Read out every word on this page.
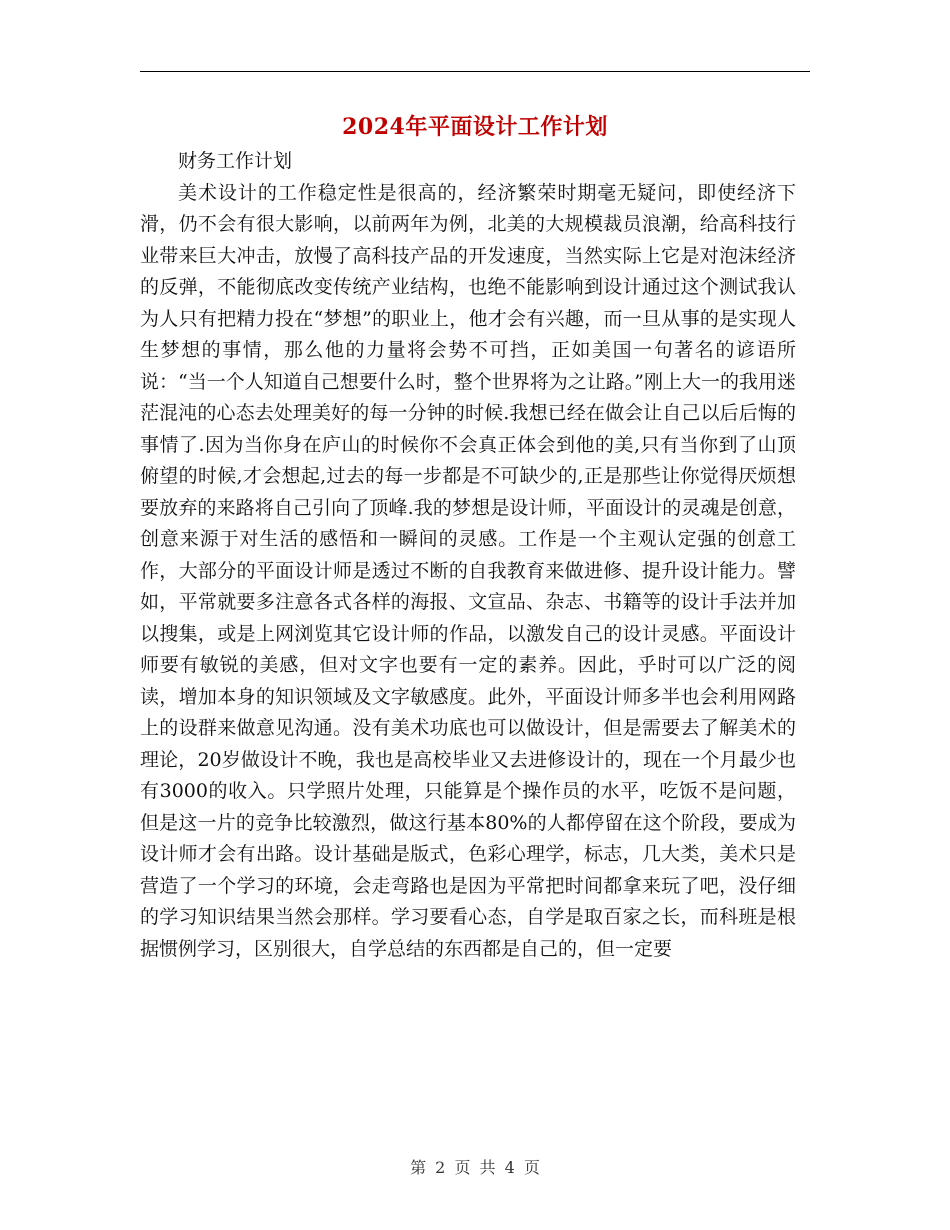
2024年平面设计工作计划

财务工作计划

美术设计的工作稳定性是很高的，经济繁荣时期毫无疑问，即使经济下滑，仍不会有很大影响，以前两年为例，北美的大规模裁员浪潮，给高科技行业带来巨大冲击，放慢了高科技产品的开发速度，当然实际上它是对泡沫经济的反弹，不能彻底改变传统产业结构，也绝不能影响到设计通过这个测试我认为人只有把精力投在“梦想”的职业上，他才会有兴趣，而一旦从事的是实现人生梦想的事情，那么他的力量将会势不可挡，正如美国一句著名的谚语所说：“当一个人知道自己想要什么时，整个世界将为之让路。”刚上大一的我用迷茫混沌的心态去处理美好的每一分钟的时候.我想已经在做会让自己以后后悔的事情了.因为当你身在庐山的时候你不会真正体会到他的美,只有当你到了山顶俯望的时候,才会想起,过去的每一步都是不可缺少的,正是那些让你觉得厌烦想要放弃的来路将自己引向了顶峰.我的梦想是设计师，平面设计的灵魂是创意，创意来源于对生活的感悟和一瞬间的灵感。工作是一个主观认定强的创意工作，大部分的平面设计师是透过不断的自我教育来做进修、提升设计能力。譬如，平常就要多注意各式各样的海报、文宣品、杂志、书籍等的设计手法并加以搜集，或是上网浏览其它设计师的作品，以激发自己的设计灵感。平面设计师要有敏锐的美感，但对文字也要有一定的素养。因此，乎时可以广泛的阅读，增加本身的知识领域及文字敏感度。此外，平面设计师多半也会利用网路上的设群来做意见沟通。没有美术功底也可以做设计，但是需要去了解美术的理论，20岁做设计不晚，我也是高校毕业又去进修设计的，现在一个月最少也有3000的收入。只学照片处理，只能算是个操作员的水平，吃饭不是问题，但是这一片的竞争比较激烈，做这行基本80%的人都停留在这个阶段，要成为设计师才会有出路。设计基础是版式，色彩心理学，标志，几大类，美术只是营造了一个学习的环境，会走弯路也是因为平常把时间都拿来玩了吧，没仔细的学习知识结果当然会那样。学习要看心态，自学是取百家之长，而科班是根据惯例学习，区别很大，自学总结的东西都是自己的，但一定要

第 2 页 共 4 页
